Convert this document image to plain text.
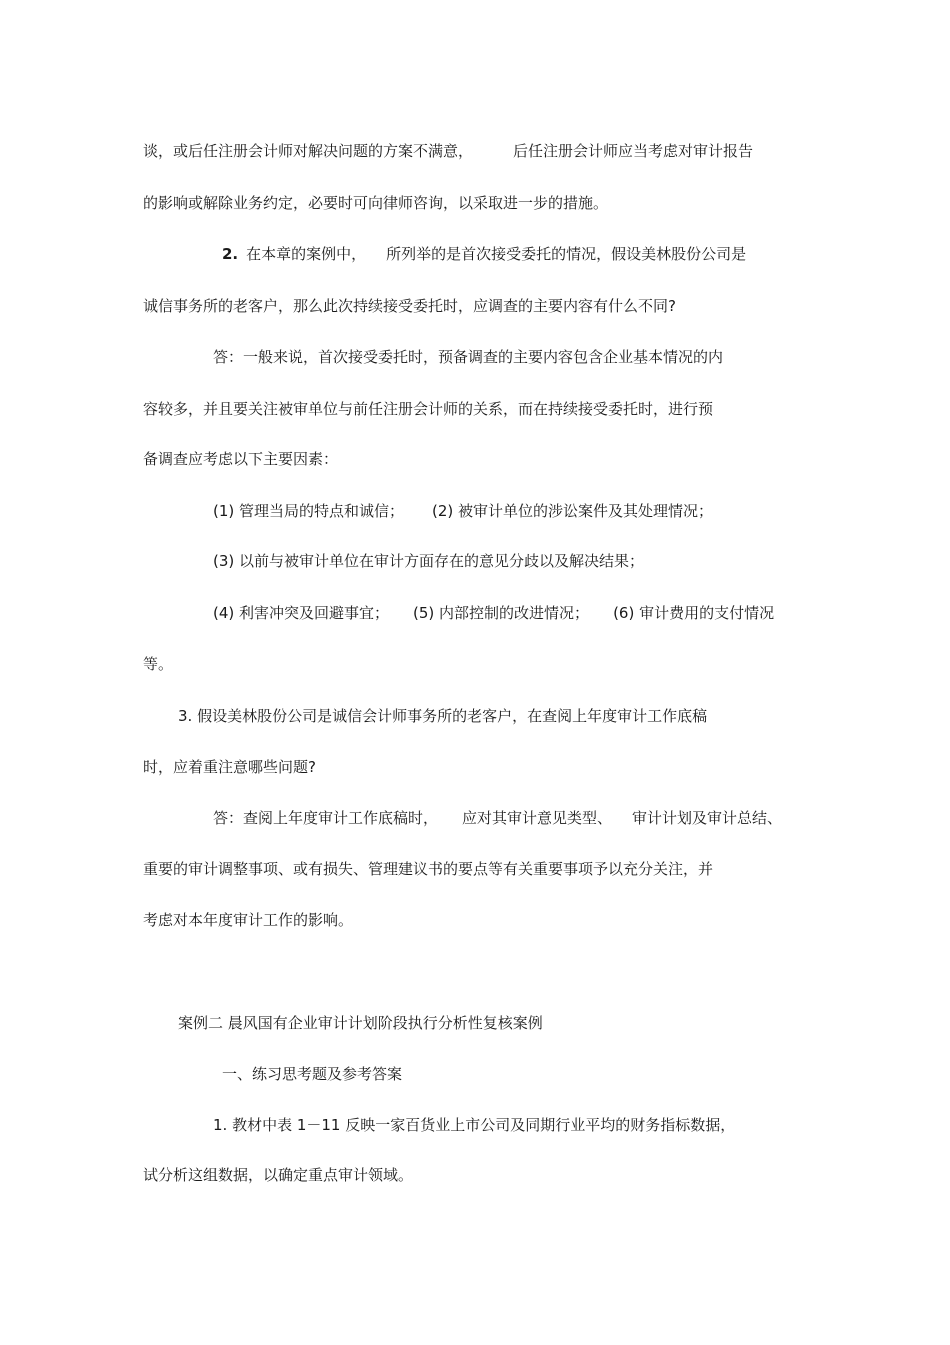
谈，或后任注册会计师对解决问题的方案不满意，	后任注册会计师应当考虑对审计报告
的影响或解除业务约定，必要时可向律师咨询，以采取进一步的措施。
2. 在本章的案例中， 所列举的是首次接受委托的情况，假设美林股份公司是
诚信事务所的老客户，那么此次持续接受委托时，应调查的主要内容有什么不同?
答：一般来说，首次接受委托时，预备调查的主要内容包含企业基本情况的内
容较多，并且要关注被审单位与前任注册会计师的关系，而在持续接受委托时，进行预
备调查应考虑以下主要因素：
(1) 管理当局的特点和诚信； (2) 被审计单位的涉讼案件及其处理情况；
(3) 以前与被审计单位在审计方面存在的意见分歧以及解决结果；
(4) 利害冲突及回避事宜； (5) 内部控制的改进情况； (6) 审计费用的支付情况
等。
3. 假设美林股份公司是诚信会计师事务所的老客户，在查阅上年度审计工作底稿
时，应着重注意哪些问题?
答：查阅上年度审计工作底稿时， 应对其审计意见类型、 审计计划及审计总结、
重要的审计调整事项、或有损失、管理建议书的要点等有关重要事项予以充分关注，并
考虑对本年度审计工作的影响。
案例二 晨风国有企业审计计划阶段执行分析性复核案例
一、练习思考题及参考答案
1. 教材中表 1－11 反映一家百货业上市公司及同期行业平均的财务指标数据，
试分析这组数据，以确定重点审计领域。
